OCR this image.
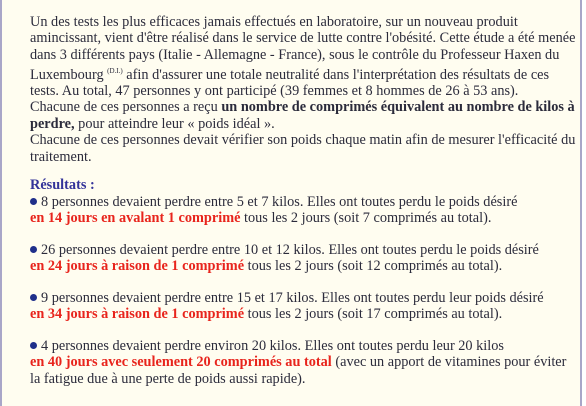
Un des tests les plus efficaces jamais effectués en laboratoire, sur un nouveau produit amincissant, vient d'être réalisé dans le service de lutte contre l'obésité. Cette étude a été menée dans 3 différents pays (Italie - Allemagne - France), sous le contrôle du Professeur Haxen du Luxembourg $^{(D.I.)}$ afin d'assurer une totale neutralité dans l'interprétation des résultats de ces tests. Au total, 47 personnes y ont participé (39 femmes et 8 hommes de 26 à 53 ans).

Chacune de ces personnes a reçu un nombre de comprimés équivalent au nombre de kilos à perdre, pour atteindre leur « poids idéal ».

Chacune de ces personnes devait vérifier son poids chaque matin afin de mesurer l'efficacité du traitement.

Résultats :

8 personnes devaient perdre entre 5 et 7 kilos. Elles ont toutes perdu le poids désiré
en 14 jours en avalant 1 comprimé tous les 2 jours (soit 7 comprimés au total).

26 personnes devaient perdre entre 10 et 12 kilos. Elles ont toutes perdu le poids désiré
en 24 jours à raison de 1 comprimé tous les 2 jours (soit 12 comprimés au total).

9 personnes devaient perdre entre 15 et 17 kilos. Elles ont toutes perdu leur poids désiré
en 34 jours à raison de 1 comprimé tous les 2 jours (soit 17 comprimés au total).

4 personnes devaient perdre environ 20 kilos. Elles ont toutes perdu leur 20 kilos
en 40 jours avec seulement 20 comprimés au total (avec un apport de vitamines pour éviter la fatigue due à une perte de poids aussi rapide).
